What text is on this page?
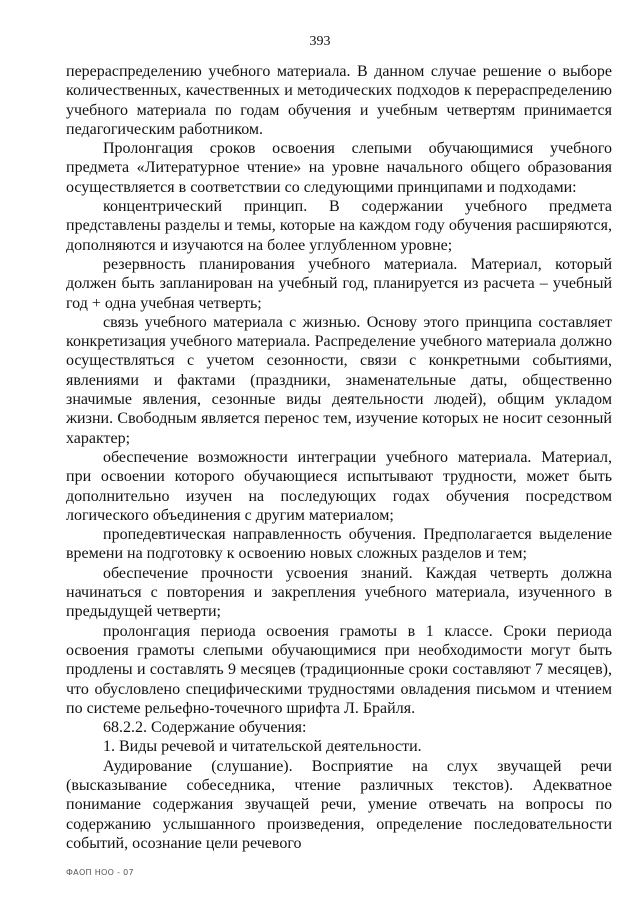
393

перераспределению учебного материала. В данном случае решение о выборе количественных, качественных и методических подходов к перераспределению учебного материала по годам обучения и учебным четвертям принимается педагогическим работником.

Пролонгация сроков освоения слепыми обучающимися учебного предмета «Литературное чтение» на уровне начального общего образования осуществляется в соответствии со следующими принципами и подходами:

концентрический принцип. В содержании учебного предмета представлены разделы и темы, которые на каждом году обучения расширяются, дополняются и изучаются на более углубленном уровне;

резервность планирования учебного материала. Материал, который должен быть запланирован на учебный год, планируется из расчета – учебный год + одна учебная четверть;

связь учебного материала с жизнью. Основу этого принципа составляет конкретизация учебного материала. Распределение учебного материала должно осуществляться с учетом сезонности, связи с конкретными событиями, явлениями и фактами (праздники, знаменательные даты, общественно значимые явления, сезонные виды деятельности людей), общим укладом жизни. Свободным является перенос тем, изучение которых не носит сезонный характер;

обеспечение возможности интеграции учебного материала. Материал, при освоении которого обучающиеся испытывают трудности, может быть дополнительно изучен на последующих годах обучения посредством логического объединения с другим материалом;

пропедевтическая направленность обучения. Предполагается выделение времени на подготовку к освоению новых сложных разделов и тем;

обеспечение прочности усвоения знаний. Каждая четверть должна начинаться с повторения и закрепления учебного материала, изученного в предыдущей четверти;

пролонгация периода освоения грамоты в 1 классе. Сроки периода освоения грамоты слепыми обучающимися при необходимости могут быть продлены и составлять 9 месяцев (традиционные сроки составляют 7 месяцев), что обусловлено специфическими трудностями овладения письмом и чтением по системе рельефно-точечного шрифта Л. Брайля.

68.2.2. Содержание обучения:

1. Виды речевой и читательской деятельности.

Аудирование (слушание). Восприятие на слух звучащей речи (высказывание собеседника, чтение различных текстов). Адекватное понимание содержания звучащей речи, умение отвечать на вопросы по содержанию услышанного произведения, определение последовательности событий, осознание цели речевого

ФАОП НОО - 07
